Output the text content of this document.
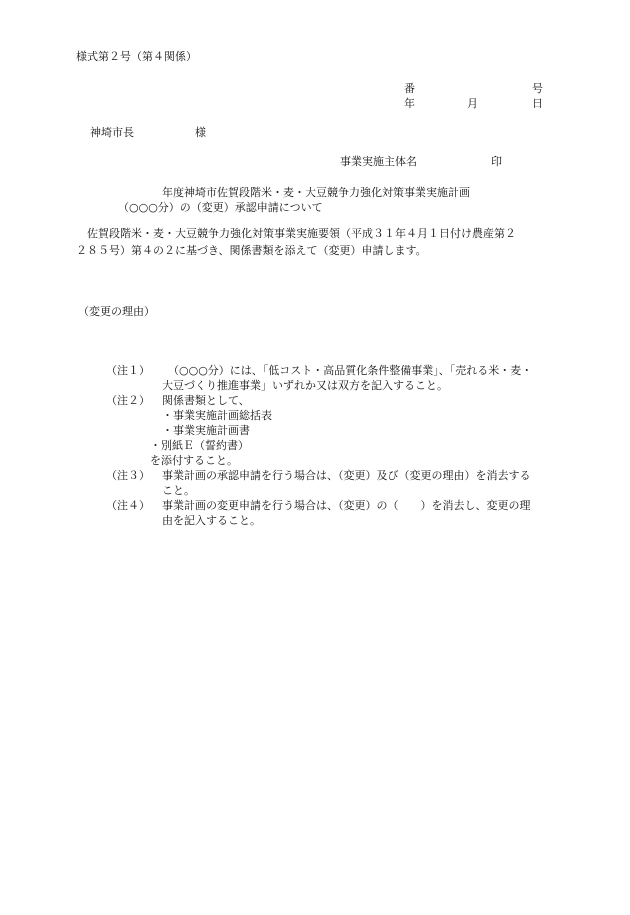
様式第２号（第４関係）
番	号
年	月	日
神埼市長	様
事業実施主体名	印
年度神埼市佐賀段階米・麦・大豆競争力強化対策事業実施計画
（○○○分）の（変更）承認申請について
佐賀段階米・麦・大豆競争力強化対策事業実施要領（平成３１年４月１日付け農産第２
２８５号）第４の２に基づき、関係書類を添えて（変更）申請します。
（変更の理由）
（注１） （○○○分）には、「低コスト・高品質化条件整備事業」、「売れる米・麦・
大豆づくり推進事業」いずれか又は双方を記入すること。
（注２） 関係書類として、
・事業実施計画総括表
・事業実施計画書
・別紙Ｅ（誓約書）
を添付すること。
（注３） 事業計画の承認申請を行う場合は、（変更）及び（変更の理由）を消去する
こと。
（注４） 事業計画の変更申請を行う場合は、（変更）の（　　）を消去し、変更の理
由を記入すること。
